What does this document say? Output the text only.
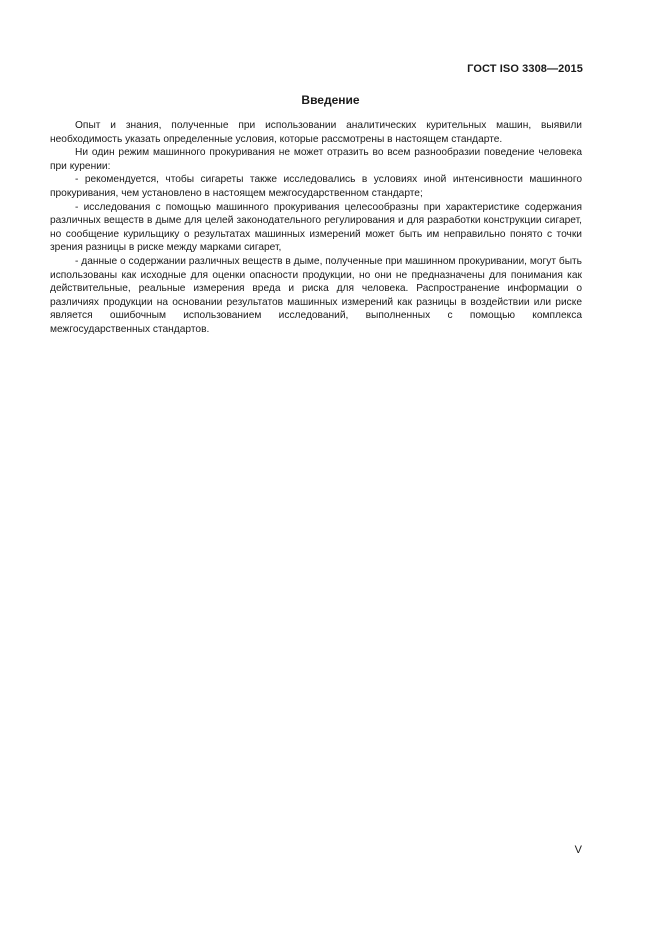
ГОСТ ISO 3308—2015
Введение

Опыт и знания, полученные при использовании аналитических курительных машин, выявили необходимость указать определенные условия, которые рассмотрены в настоящем стандарте.

Ни один режим машинного прокуривания не может отразить во всем разнообразии поведение человека при курении:

- рекомендуется, чтобы сигареты также исследовались в условиях иной интенсивности машинного прокуривания, чем установлено в настоящем межгосударственном стандарте;

- исследования с помощью машинного прокуривания целесообразны при характеристике содержания различных веществ в дыме для целей законодательного регулирования и для разработки конструкции сигарет, но сообщение курильщику о результатах машинных измерений может быть им неправильно понято с точки зрения разницы в риске между марками сигарет,

- данные о содержании различных веществ в дыме, полученные при машинном прокуривании, могут быть использованы как исходные для оценки опасности продукции, но они не предназначены для понимания как действительные, реальные измерения вреда и риска для человека. Распространение информации о различиях продукции на основании результатов машинных измерений как разницы в воздействии или риске является ошибочным использованием исследований, выполненных с помощью комплекса межгосударственных стандартов.

V
